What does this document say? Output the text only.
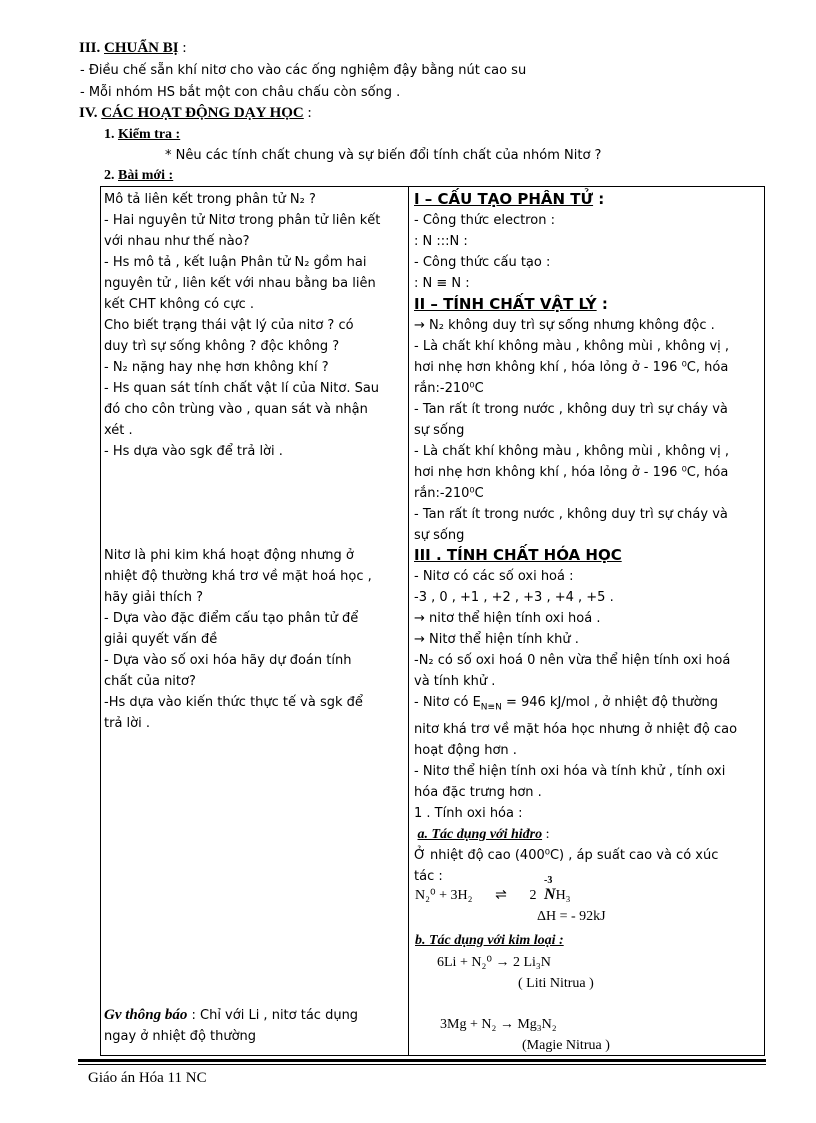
III. CHUẨN BỊ :
- Điều chế sẵn khí nitơ cho vào các ống nghiệm đậy bằng nút cao su
- Mỗi nhóm HS bắt một con châu chấu còn sống .
IV. CÁC HOẠT ĐỘNG DẠY HỌC :
1. Kiểm tra :
* Nêu các tính chất chung và sự biến đổi tính chất của nhóm Nitơ ?
2. Bài mới :
Mô tả liên kết trong phân tử N₂ ?
- Hai nguyên tử Nitơ trong phân tử liên kết
với nhau như thế nào?
- Hs mô tả , kết luận Phân tử N₂ gồm hai
nguyên tử , liên kết với nhau bằng ba liên
kết CHT không có cực .
Cho biết trạng thái vật lý của nitơ ? có
duy trì sự sống không ? độc không ?
- N₂ nặng hay nhẹ hơn không khí ?
- Hs quan sát tính chất vật lí của Nitơ. Sau
đó cho côn trùng vào , quan sát và nhận
xét .
- Hs dựa vào sgk để trả lời .
Nitơ là phi kim khá hoạt động nhưng ở
nhiệt độ thường khá trơ về mặt hoá học ,
hãy giải thích ?
- Dựa vào đặc điểm cấu tạo phân tử để
giải quyết vấn đề
- Dựa vào số oxi hóa hãy dự đoán tính
chất của nitơ?
-Hs dựa vào kiến thức thực tế và sgk để
trả lời .
Gv thông báo : Chỉ với Li , nitơ tác dụng
ngay ở nhiệt độ thường
I – CẤU TẠO PHÂN TỬ :
- Công thức electron :
: N :::N :
- Công thức cấu tạo :
: N ≡ N :
II – TÍNH CHẤT VẬT LÝ :
→ N₂ không duy trì sự sống nhưng không độc .
- Là chất khí không màu , không mùi , không vị ,
hơi nhẹ hơn không khí , hóa lỏng ở - 196 ⁰C, hóa
rắn:-210⁰C
- Tan rất ít trong nước , không duy trì sự cháy và
sự sống
- Là chất khí không màu , không mùi , không vị ,
hơi nhẹ hơn không khí , hóa lỏng ở - 196 ⁰C, hóa
rắn:-210⁰C
- Tan rất ít trong nước , không duy trì sự cháy và
sự sống
III . TÍNH CHẤT HÓA HỌC
- Nitơ có các số oxi hoá :
-3 , 0 , +1 , +2 , +3 , +4 , +5 .
→ nitơ thể hiện tính oxi hoá .
→ Nitơ thể hiện tính khử .
-N₂ có số oxi hoá 0 nên vừa thể hiện tính oxi hoá
và tính khử .
- Nitơ có $E_{N\equiv N} = 946$ kJ/mol , ở nhiệt độ thường
nitơ khá trơ về mặt hóa học nhưng ở nhiệt độ cao
hoạt động hơn .
- Nitơ thể hiện tính oxi hóa và tính khử , tính oxi
hóa đặc trưng hơn .
1 . Tính oxi hóa :
a. Tác dụng với hiđro :
Ở nhiệt độ cao (400⁰C) , áp suất cao và có xúc
tác :
N₂⁰ + 3H₂ ⇌ 2
-3
NH₃
ΔH = - 92kJ
b. Tác dụng với kim loại :
6Li + N₂⁰ → 2 Li₃N
( Liti Nitrua )
3Mg + N₂ → Mg₃N₂
(Magie Nitrua )
Giáo án Hóa 11 NC
